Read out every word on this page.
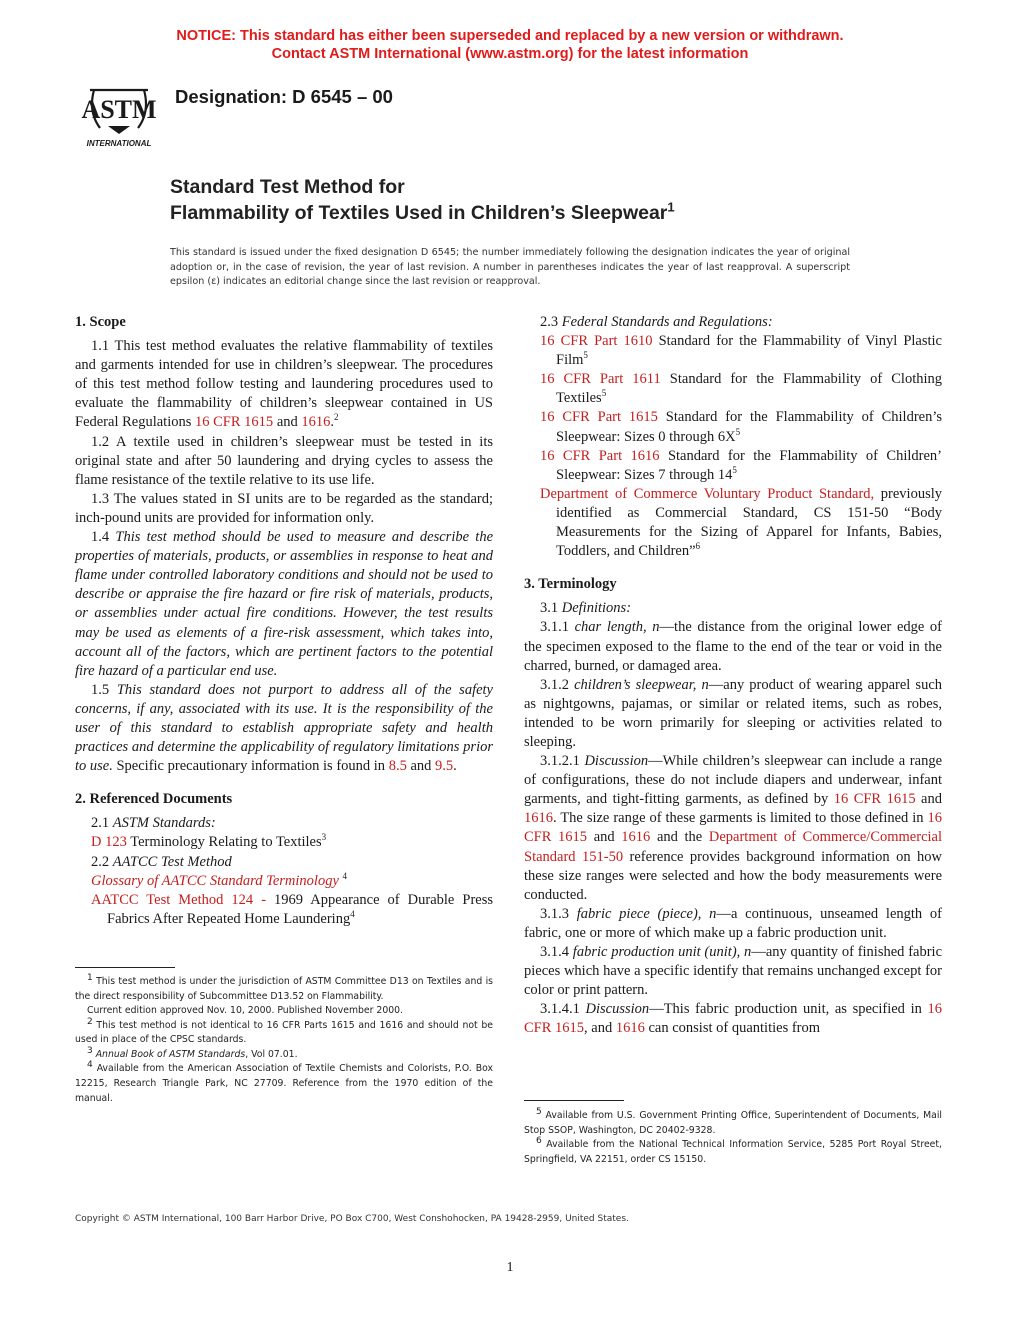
NOTICE: This standard has either been superseded and replaced by a new version or withdrawn.
Contact ASTM International (www.astm.org) for the latest information
ASTM
INTERNATIONAL
Designation: D 6545 – 00
Standard Test Method for
Flammability of Textiles Used in Children’s Sleepwear$^1$
This standard is issued under the fixed designation D 6545; the number immediately following the designation indicates the year of original adoption or, in the case of revision, the year of last revision. A number in parentheses indicates the year of last reapproval. A superscript epsilon (ε) indicates an editorial change since the last revision or reapproval.
1. Scope

1.1 This test method evaluates the relative flammability of textiles and garments intended for use in children’s sleepwear. The procedures of this test method follow testing and laundering procedures used to evaluate the flammability of children’s sleepwear contained in US Federal Regulations 16 CFR 1615 and 1616.$^2$

1.2 A textile used in children’s sleepwear must be tested in its original state and after 50 laundering and drying cycles to assess the flame resistance of the textile relative to its use life.

1.3 The values stated in SI units are to be regarded as the standard; inch-pound units are provided for information only.

1.4 This test method should be used to measure and describe the properties of materials, products, or assemblies in response to heat and flame under controlled laboratory conditions and should not be used to describe or appraise the fire hazard or fire risk of materials, products, or assemblies under actual fire conditions. However, the test results may be used as elements of a fire-risk assessment, which takes into, account all of the factors, which are pertinent factors to the potential fire hazard of a particular end use.

1.5 This standard does not purport to address all of the safety concerns, if any, associated with its use. It is the responsibility of the user of this standard to establish appropriate safety and health practices and determine the applicability of regulatory limitations prior to use. Specific precautionary information is found in 8.5 and 9.5.

2. Referenced Documents

2.1 ASTM Standards:

D 123 Terminology Relating to Textiles$^3$

2.2 AATCC Test Method

Glossary of AATCC Standard Terminology $^4$

AATCC Test Method 124 - 1969 Appearance of Durable Press Fabrics After Repeated Home Laundering$^4$

$^1$ This test method is under the jurisdiction of ASTM Committee D13 on Textiles and is the direct responsibility of Subcommittee D13.52 on Flammability.

Current edition approved Nov. 10, 2000. Published November 2000.

$^2$ This test method is not identical to 16 CFR Parts 1615 and 1616 and should not be used in place of the CPSC standards.

$^3$ Annual Book of ASTM Standards, Vol 07.01.

$^4$ Available from the American Association of Textile Chemists and Colorists, P.O. Box 12215, Research Triangle Park, NC 27709. Reference from the 1970 edition of the manual.

2.3 Federal Standards and Regulations:

16 CFR Part 1610 Standard for the Flammability of Vinyl Plastic Film$^5$

16 CFR Part 1611 Standard for the Flammability of Clothing Textiles$^5$

16 CFR Part 1615 Standard for the Flammability of Children’s Sleepwear: Sizes 0 through $6X^5$

16 CFR Part 1616 Standard for the Flammability of Children’ Sleepwear: Sizes 7 through $14^5$

Department of Commerce Voluntary Product Standard, previously identified as Commercial Standard, CS 151-50 “Body Measurements for the Sizing of Apparel for Infants, Babies, Toddlers, and Children”$^6$

3. Terminology

3.1 Definitions:

3.1.1 char length, n—the distance from the original lower edge of the specimen exposed to the flame to the end of the tear or void in the charred, burned, or damaged area.

3.1.2 children’s sleepwear, n—any product of wearing apparel such as nightgowns, pajamas, or similar or related items, such as robes, intended to be worn primarily for sleeping or activities related to sleeping.

3.1.2.1 Discussion—While children’s sleepwear can include a range of configurations, these do not include diapers and underwear, infant garments, and tight-fitting garments, as defined by 16 CFR 1615 and 1616. The size range of these garments is limited to those defined in 16 CFR 1615 and 1616 and the Department of Commerce/Commercial Standard 151-50 reference provides background information on how these size ranges were selected and how the body measurements were conducted.

3.1.3 fabric piece (piece), n—a continuous, unseamed length of fabric, one or more of which make up a fabric production unit.

3.1.4 fabric production unit (unit), n—any quantity of finished fabric pieces which have a specific identify that remains unchanged except for color or print pattern.

3.1.4.1 Discussion—This fabric production unit, as specified in 16 CFR 1615, and 1616 can consist of quantities from

$^5$ Available from U.S. Government Printing Office, Superintendent of Documents, Mail Stop SSOP, Washington, DC 20402-9328.

$^6$ Available from the National Technical Information Service, 5285 Port Royal Street, Springfield, VA 22151, order CS 15150.

Copyright © ASTM International, 100 Barr Harbor Drive, PO Box C700, West Conshohocken, PA 19428-2959, United States.
1
